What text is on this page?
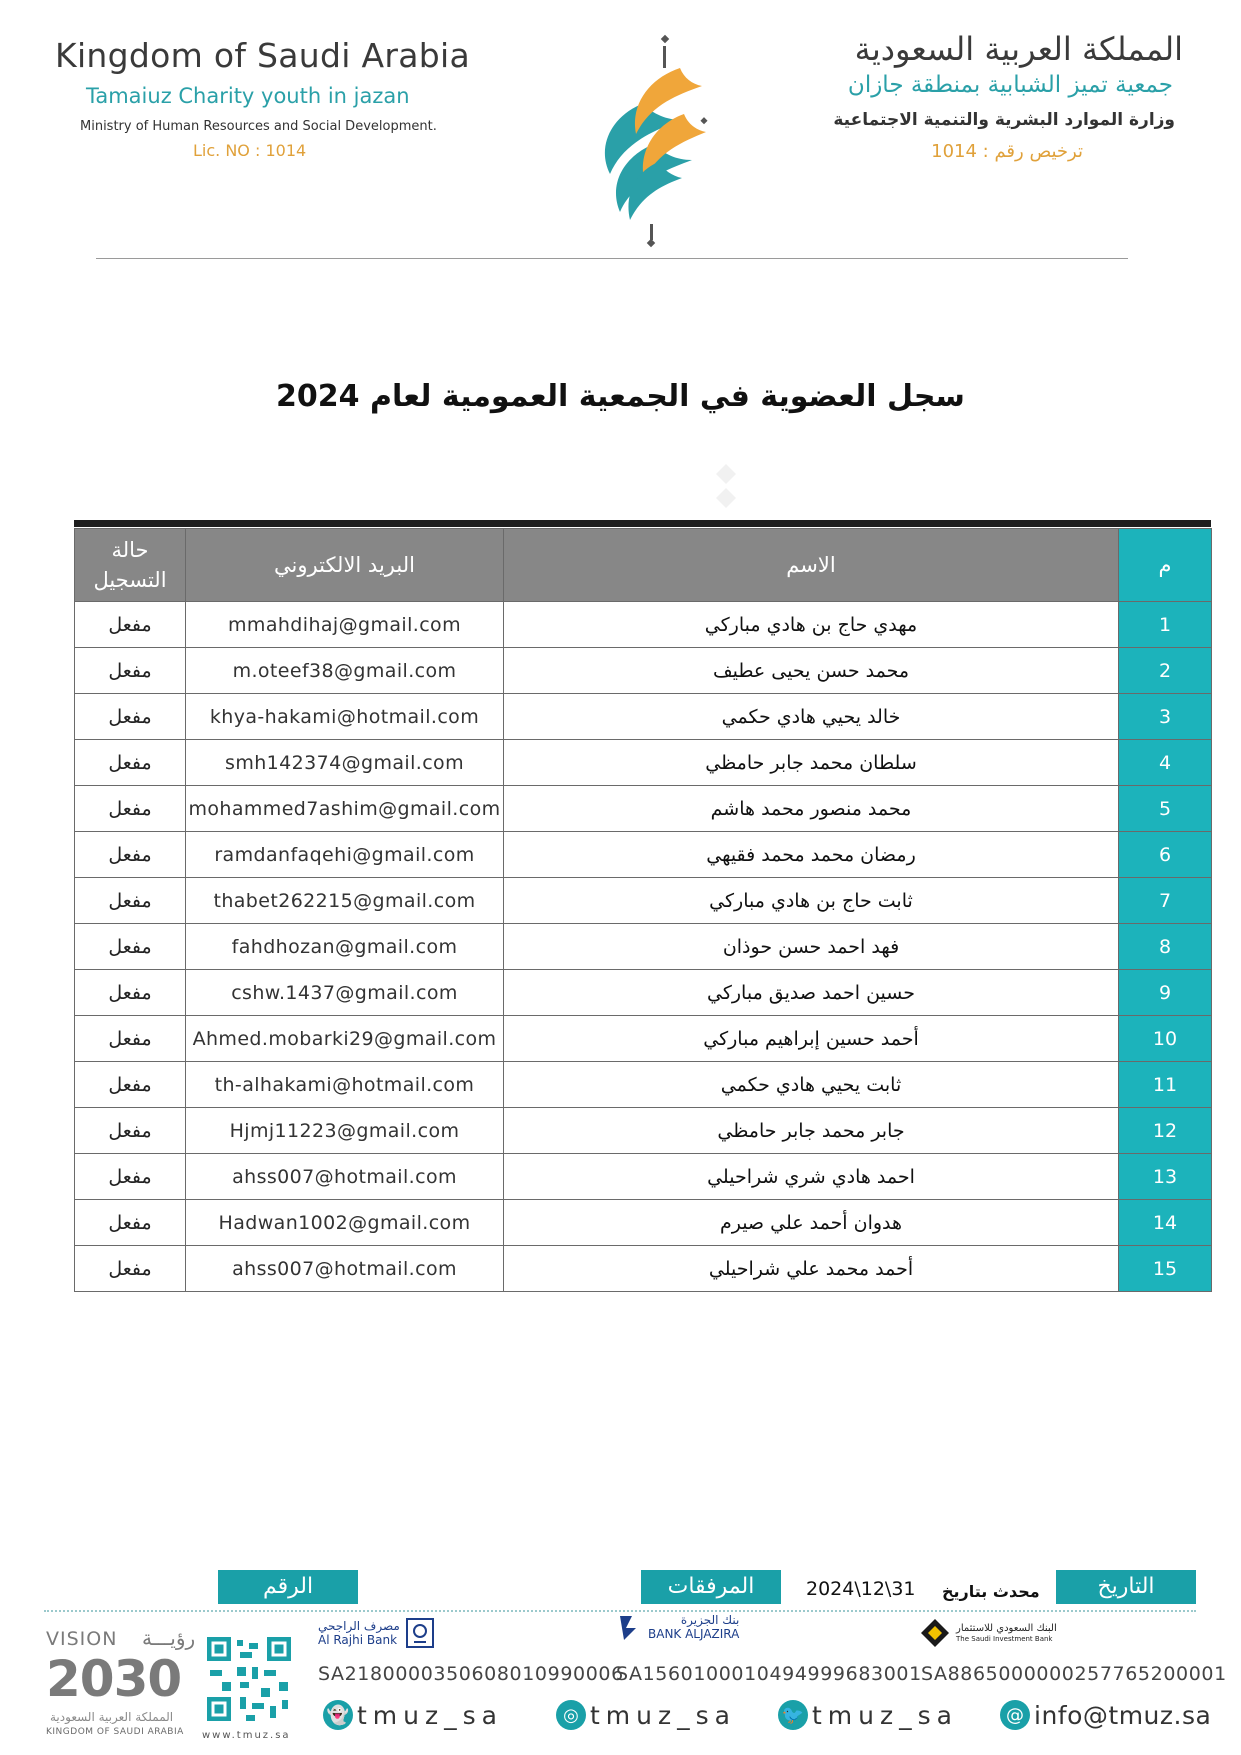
Kingdom of Saudi Arabia
Tamaiuz Charity youth in jazan
Ministry of Human Resources and Social Development.
Lic. NO : 1014
المملكة العربية السعودية
جمعية تميز الشبابية بمنطقة جازان
وزارة الموارد البشرية والتنمية الاجتماعية
ترخيص رقم : 1014
سجل العضوية في الجمعية العمومية لعام 2024
حالة
التسجيل	البريد الالكتروني	الاسم	م
مفعل	mmahdihaj@gmail.com	مهدي حاج بن هادي مباركي	1
مفعل	m.oteef38@gmail.com	محمد حسن يحيى عطيف	2
مفعل	khya-hakami@hotmail.com	خالد يحيي هادي حكمي	3
مفعل	smh142374@gmail.com	سلطان محمد جابر حامظي	4
مفعل	mohammed7ashim@gmail.com	محمد منصور محمد هاشم	5
مفعل	ramdanfaqehi@gmail.com	رمضان محمد محمد فقيهي	6
مفعل	thabet262215@gmail.com	ثابت حاج بن هادي مباركي	7
مفعل	fahdhozan@gmail.com	فهد احمد حسن حوذان	8
مفعل	cshw.1437@gmail.com	حسين احمد صديق مباركي	9
مفعل	Ahmed.mobarki29@gmail.com	أحمد حسين إبراهيم مباركي	10
مفعل	th-alhakami@hotmail.com	ثابت يحيي هادي حكمي	11
مفعل	Hjmj11223@gmail.com	جابر محمد جابر حامظي	12
مفعل	ahss007@hotmail.com	احمد هادي شري شراحيلي	13
مفعل	Hadwan1002@gmail.com	هدوان أحمد علي صيرم	14
مفعل	ahss007@hotmail.com	أحمد محمد علي شراحيلي	15
الرقم	المرفقات	التاريخ
2024\12\31 محدث بتاريخ
VISION رؤيـــة
2030
المملكة العربية السعودية
KINGDOM OF SAUDI ARABIA www.tmuz.sa
مصرف الراجحي
Al Rajhi Bank
بنك الجزيرة
BANK ALJAZIRA	البنك السعودي للاستثمار
The Saudi Investment Bank
SA2180000350608010990006
SA1560100010494999683001 SA8865000000257765200001
👻 tmuz_sa	◎ tmuz_sa	🐦 tmuz_sa	@ info@tmuz.sa
